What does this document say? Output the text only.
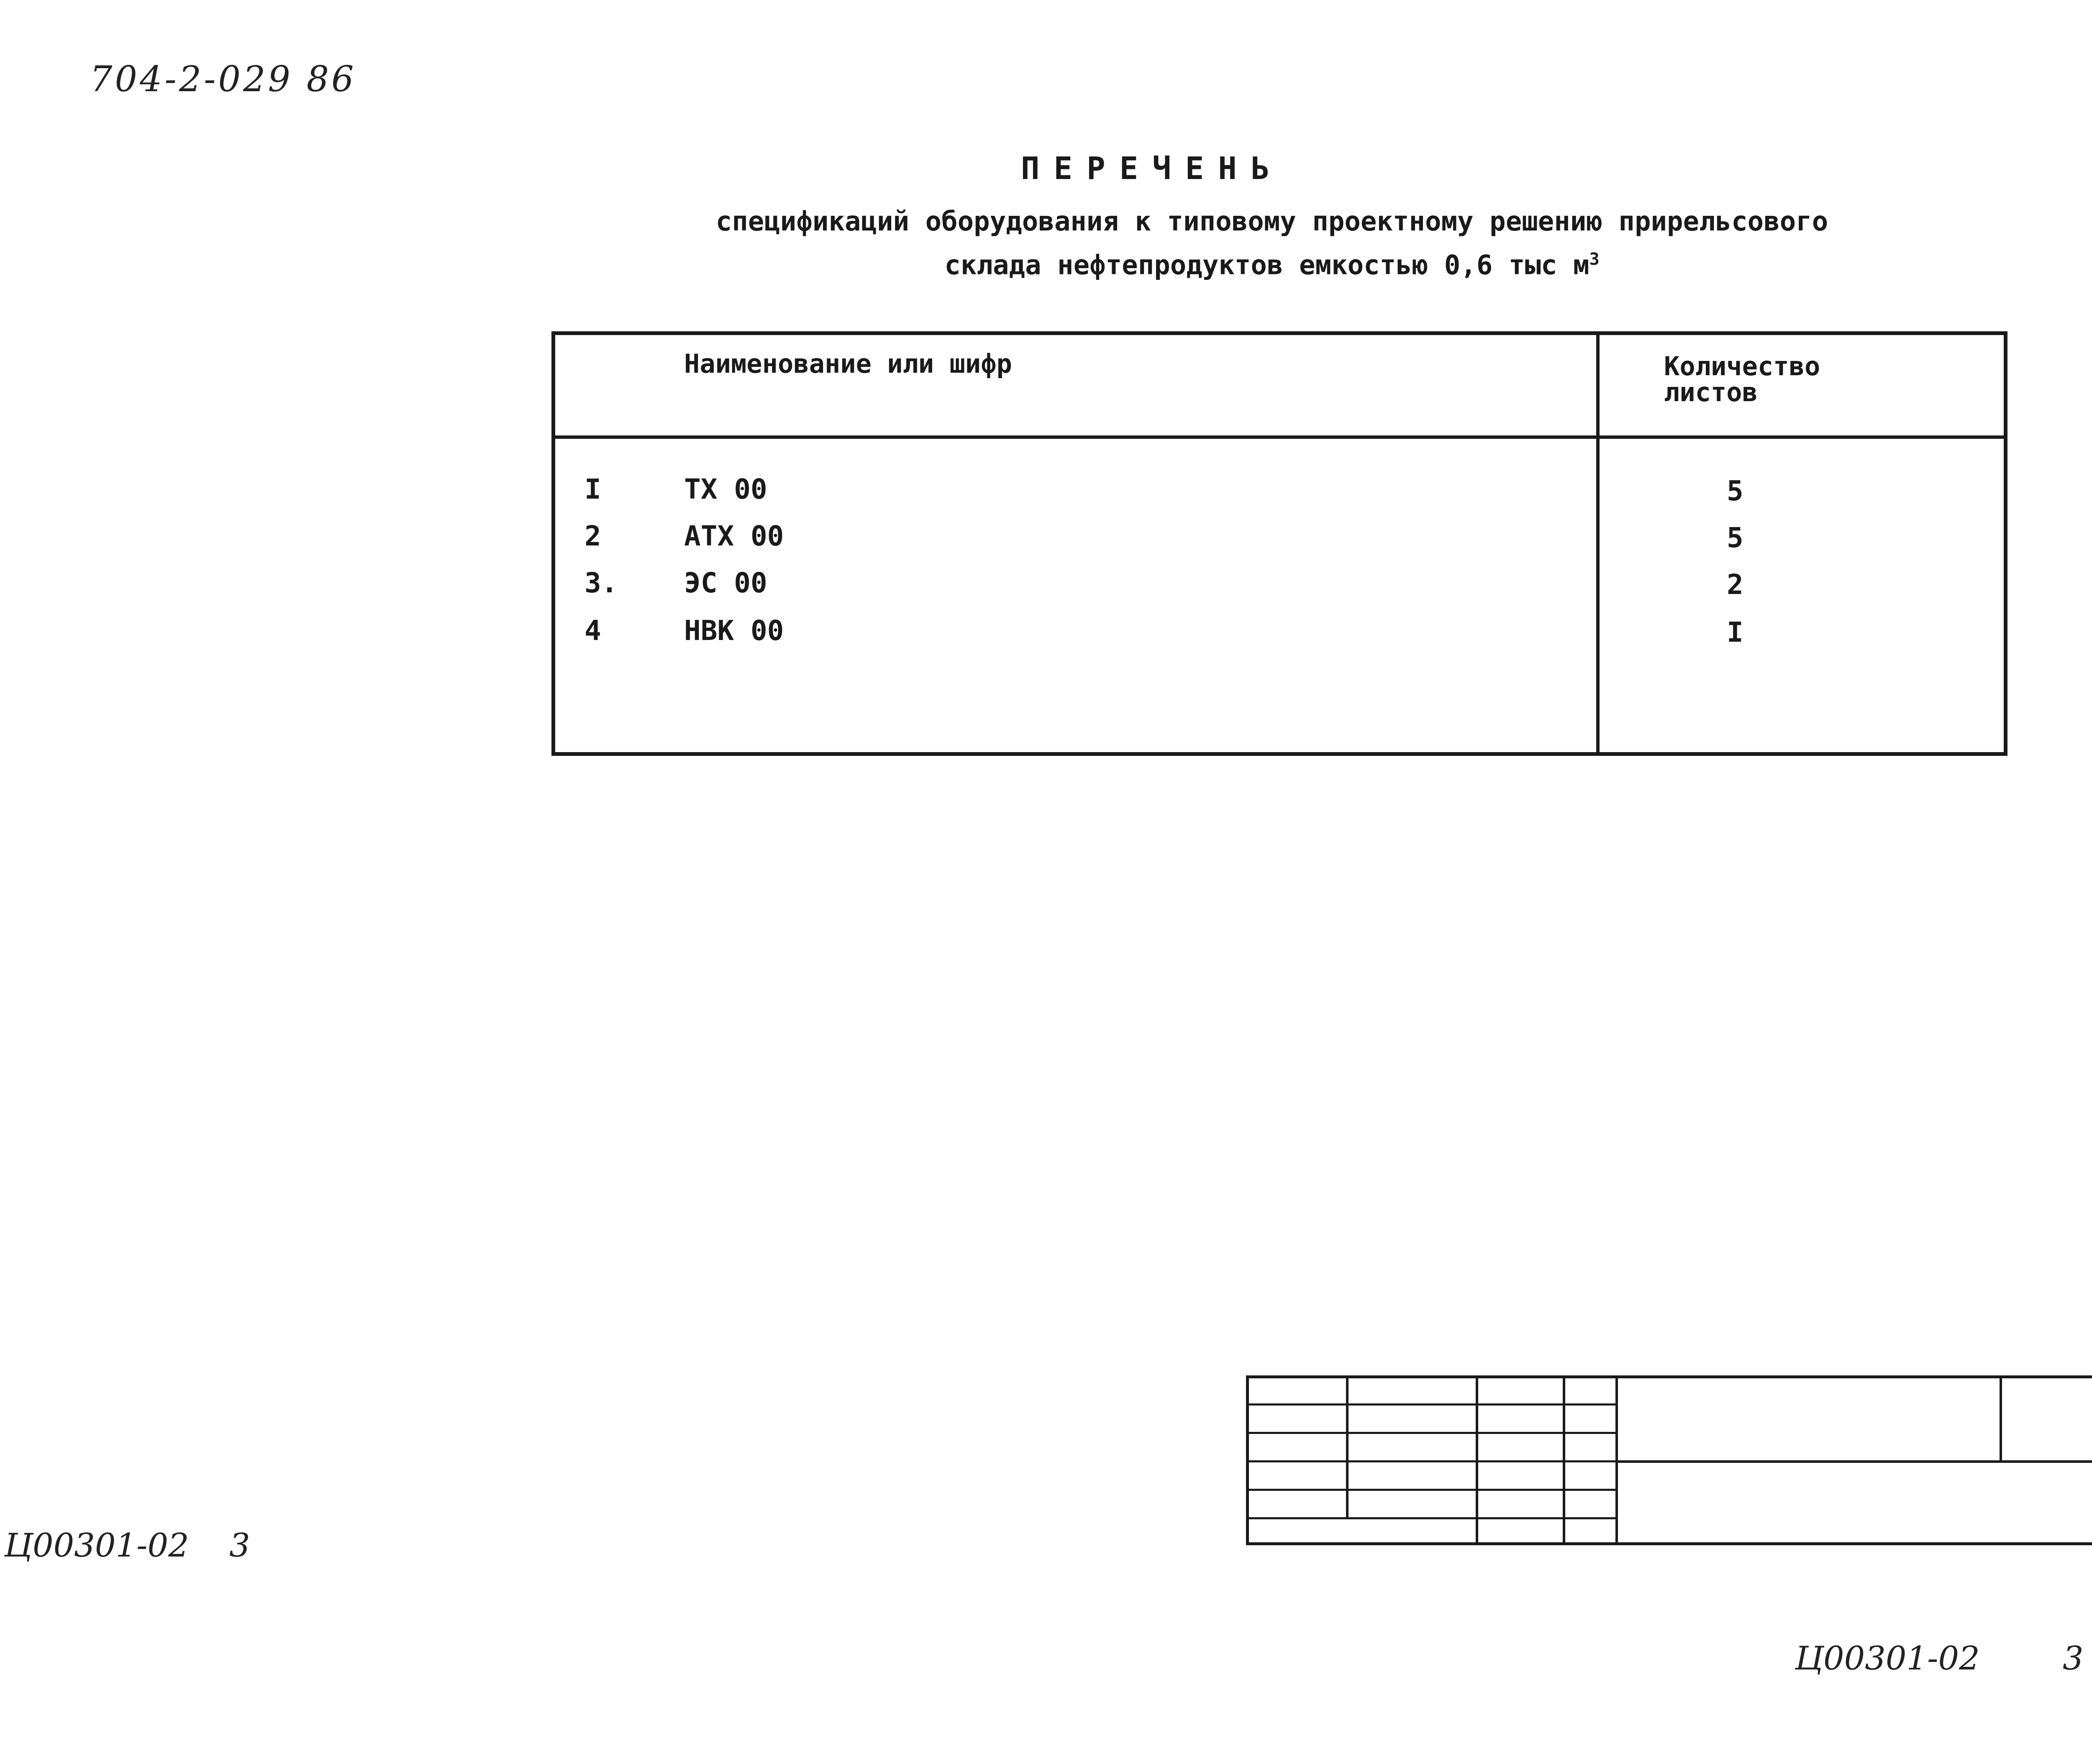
704-2-029 86
ПЕРЕЧЕНЬ
спецификаций оборудования к типовому проектному решению прирельсового
склада нефтепродуктов емкостью 0,6 тыс $м^3$
Наименование или шифр	Количество
листов
I	ТХ 00	5
2	АТХ 00	5
3. ЭС 00	2
4	НВК 00	I
Ц00301-02 3
Ц00301-02	3
